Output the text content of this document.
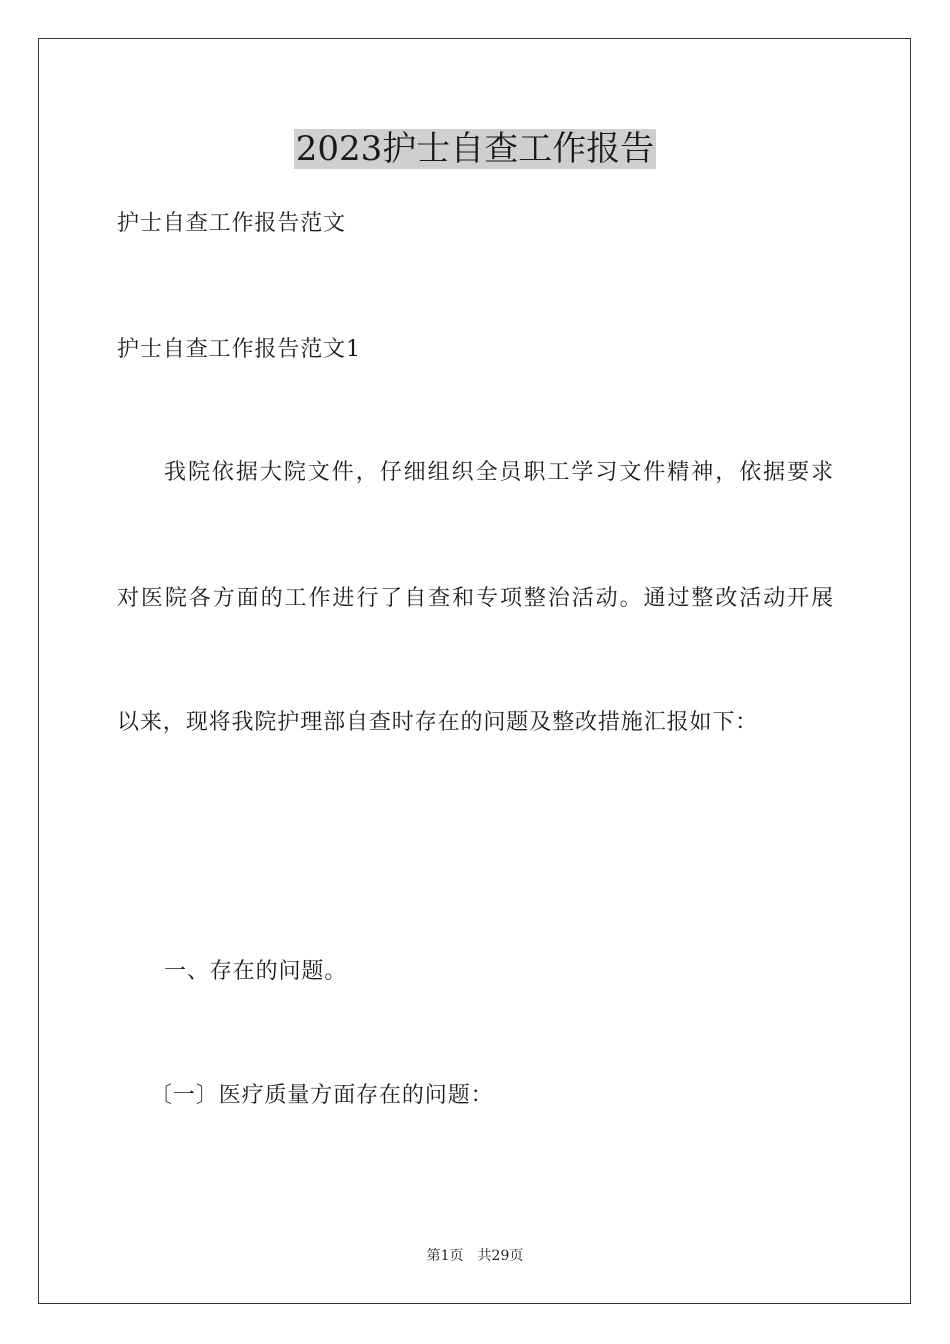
2023护士自查工作报告

护士自查工作报告范文

护士自查工作报告范文1

我院依据大院文件，仔细组织全员职工学习文件精神，依据要求

对医院各方面的工作进行了自查和专项整治活动。通过整改活动开展

以来，现将我院护理部自查时存在的问题及整改措施汇报如下：

一、存在的问题。

〔一〕医疗质量方面存在的问题：

第1页 共29页
